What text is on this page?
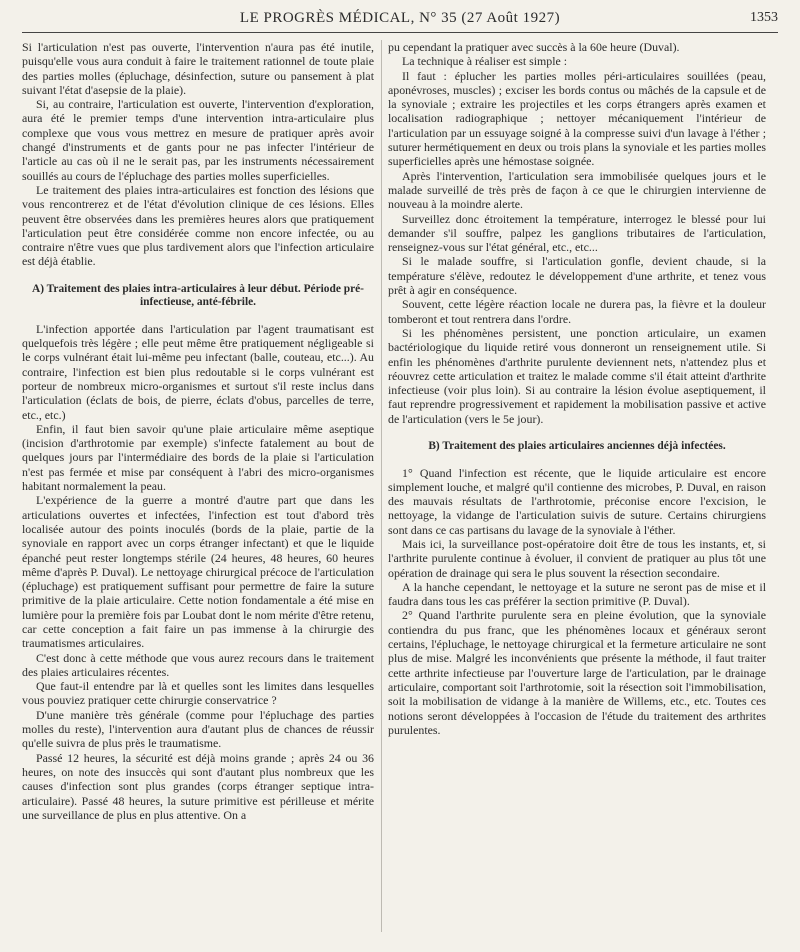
LE PROGRÈS MÉDICAL, N° 35 (27 Août 1927)	1353

Si l'articulation n'est pas ouverte, l'intervention n'aura pas été inutile, puisqu'elle vous aura conduit à faire le traitement rationnel de toute plaie des parties molles (épluchage, désinfection, suture ou pansement à plat suivant l'état d'asepsie de la plaie).

Si, au contraire, l'articulation est ouverte, l'intervention d'exploration, aura été le premier temps d'une intervention intra-articulaire plus complexe que vous vous mettrez en mesure de pratiquer après avoir changé d'instruments et de gants pour ne pas infecter l'intérieur de l'article au cas où il ne le serait pas, par les instruments nécessairement souillés au cours de l'épluchage des parties molles superficielles.

Le traitement des plaies intra-articulaires est fonction des lésions que vous rencontrerez et de l'état d'évolution clinique de ces lésions. Elles peuvent être observées dans les premières heures alors que pratiquement l'articulation peut être considérée comme non encore infectée, ou au contraire n'être vues que plus tardivement alors que l'infection articulaire est déjà établie.

A) Traitement des plaies intra-articulaires à leur début. Période pré-infectieuse, anté-fébrile.

L'infection apportée dans l'articulation par l'agent traumatisant est quelquefois très légère ; elle peut même être pratiquement négligeable si le corps vulnérant était lui-même peu infectant (balle, couteau, etc...). Au contraire, l'infection est bien plus redoutable si le corps vulnérant est porteur de nombreux micro-organismes et surtout s'il reste inclus dans l'articulation (éclats de bois, de pierre, éclats d'obus, parcelles de terre, etc., etc.)

Enfin, il faut bien savoir qu'une plaie articulaire même aseptique (incision d'arthrotomie par exemple) s'infecte fatalement au bout de quelques jours par l'intermédiaire des bords de la plaie si l'articulation n'est pas fermée et mise par conséquent à l'abri des micro-organismes habitant normalement la peau.

L'expérience de la guerre a montré d'autre part que dans les articulations ouvertes et infectées, l'infection est tout d'abord très localisée autour des points inoculés (bords de la plaie, partie de la synoviale en rapport avec un corps étranger infectant) et que le liquide épanché peut rester longtemps stérile (24 heures, 48 heures, 60 heures même d'après P. Duval). Le nettoyage chirurgical précoce de l'articulation (épluchage) est pratiquement suffisant pour permettre de faire la suture primitive de la plaie articulaire. Cette notion fondamentale a été mise en lumière pour la première fois par Loubat dont le nom mérite d'être retenu, car cette conception a fait faire un pas immense à la chirurgie des traumatismes articulaires.

C'est donc à cette méthode que vous aurez recours dans le traitement des plaies articulaires récentes.

Que faut-il entendre par là et quelles sont les limites dans lesquelles vous pouviez pratiquer cette chirurgie conservatrice ?

D'une manière très générale (comme pour l'épluchage des parties molles du reste), l'intervention aura d'autant plus de chances de réussir qu'elle suivra de plus près le traumatisme.

Passé 12 heures, la sécurité est déjà moins grande ; après 24 ou 36 heures, on note des insuccès qui sont d'autant plus nombreux que les causes d'infection sont plus grandes (corps étranger septique intra-articulaire). Passé 48 heures, la suture primitive est périlleuse et mérite une surveillance de plus en plus attentive. On a

pu cependant la pratiquer avec succès à la 60e heure (Duval).

La technique à réaliser est simple :

Il faut : éplucher les parties molles péri-articulaires souillées (peau, aponévroses, muscles) ; exciser les bords contus ou mâchés de la capsule et de la synoviale ; extraire les projectiles et les corps étrangers après examen et localisation radiographique ; nettoyer mécaniquement l'intérieur de l'articulation par un essuyage soigné à la compresse suivi d'un lavage à l'éther ; suturer hermétiquement en deux ou trois plans la synoviale et les parties molles superficielles après une hémostase soignée.

Après l'intervention, l'articulation sera immobilisée quelques jours et le malade surveillé de très près de façon à ce que le chirurgien intervienne de nouveau à la moindre alerte.

Surveillez donc étroitement la température, interrogez le blessé pour lui demander s'il souffre, palpez les ganglions tributaires de l'articulation, renseignez-vous sur l'état général, etc., etc...

Si le malade souffre, si l'articulation gonfle, devient chaude, si la température s'élève, redoutez le développement d'une arthrite, et tenez vous prêt à agir en conséquence.

Souvent, cette légère réaction locale ne durera pas, la fièvre et la douleur tomberont et tout rentrera dans l'ordre.

Si les phénomènes persistent, une ponction articulaire, un examen bactériologique du liquide retiré vous donneront un renseignement utile. Si enfin les phénomènes d'arthrite purulente deviennent nets, n'attendez plus et réouvrez cette articulation et traitez le malade comme s'il était atteint d'arthrite infectieuse (voir plus loin). Si au contraire la lésion évolue aseptiquement, il faut reprendre progressivement et rapidement la mobilisation passive et active de l'articulation (vers le 5e jour).

B) Traitement des plaies articulaires anciennes déjà infectées.

1° Quand l'infection est récente, que le liquide articulaire est encore simplement louche, et malgré qu'il contienne des microbes, P. Duval, en raison des mauvais résultats de l'arthrotomie, préconise encore l'excision, le nettoyage, la vidange de l'articulation suivis de suture. Certains chirurgiens sont dans ce cas partisans du lavage de la synoviale à l'éther.

Mais ici, la surveillance post-opératoire doit être de tous les instants, et, si l'arthrite purulente continue à évoluer, il convient de pratiquer au plus tôt une opération de drainage qui sera le plus souvent la résection secondaire.

A la hanche cependant, le nettoyage et la suture ne seront pas de mise et il faudra dans tous les cas préférer la section primitive (P. Duval).

2° Quand l'arthrite purulente sera en pleine évolution, que la synoviale contiendra du pus franc, que les phénomènes locaux et généraux seront certains, l'épluchage, le nettoyage chirurgical et la fermeture articulaire ne sont plus de mise. Malgré les inconvénients que présente la méthode, il faut traiter cette arthrite infectieuse par l'ouverture large de l'articulation, par le drainage articulaire, comportant soit l'arthrotomie, soit la résection soit l'immobilisation, soit la mobilisation de vidange à la manière de Willems, etc., etc. Toutes ces notions seront développées à l'occasion de l'étude du traitement des arthrites purulentes.
